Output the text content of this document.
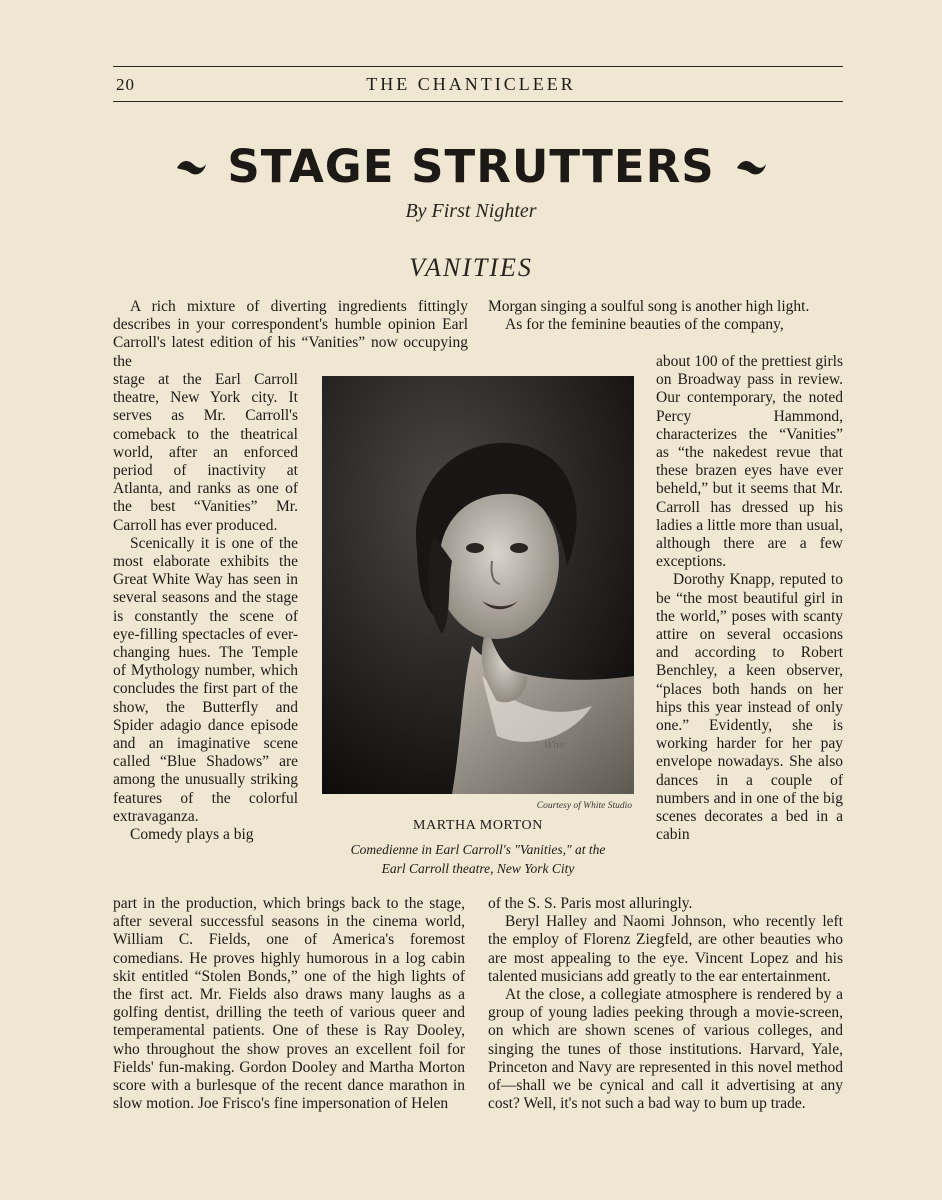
20	THE CHANTICLEER
STAGE STRUTTERS
By First Nighter
VANITIES

A rich mixture of diverting ingredients fittingly describes in your correspondent's humble opinion Earl Carroll's latest edition of his “Vanities” now occupying the

stage at the Earl Carroll theatre, New York city. It serves as Mr. Carroll's comeback to the theatrical world, after an enforced period of inactivity at Atlanta, and ranks as one of the best “Vanities” Mr. Carroll has ever produced.

Scenically it is one of the most elaborate exhibits the Great White Way has seen in several seasons and the stage is constantly the scene of eye-filling spectacles of ever-changing hues. The Temple of Mythology number, which concludes the first part of the show, the Butterfly and Spider adagio dance episode and an imaginative scene called “Blue Shadows” are among the unusually striking features of the colorful extravaganza.

Comedy plays a big

part in the production, which brings back to the stage, after several successful seasons in the cinema world, William C. Fields, one of America's foremost comedians. He proves highly humorous in a log cabin skit entitled “Stolen Bonds,” one of the high lights of the first act. Mr. Fields also draws many laughs as a golfing dentist, drilling the teeth of various queer and temperamental patients. One of these is Ray Dooley, who throughout the show proves an excellent foil for Fields' fun-making. Gordon Dooley and Martha Morton score with a burlesque of the recent dance marathon in slow motion. Joe Frisco's fine impersonation of Helen

Morgan singing a soulful song is another high light.

As for the feminine beauties of the company,

about 100 of the prettiest girls on Broadway pass in review. Our contemporary, the noted Percy Hammond, characterizes the “Vanities” as “the nakedest revue that these brazen eyes have ever beheld,” but it seems that Mr. Carroll has dressed up his ladies a little more than usual, although there are a few exceptions.

Dorothy Knapp, reputed to be “the most beautiful girl in the world,” poses with scanty attire on several occasions and according to Robert Benchley, a keen observer, “places both hands on her hips this year instead of only one.” Evidently, she is working harder for her pay envelope nowadays. She also dances in a couple of numbers and in one of the big scenes decorates a bed in a cabin

of the S. S. Paris most alluringly.

Beryl Halley and Naomi Johnson, who recently left the employ of Florenz Ziegfeld, are other beauties who are most appealing to the eye. Vincent Lopez and his talented musicians add greatly to the ear entertainment.

At the close, a collegiate atmosphere is rendered by a group of young ladies peeking through a movie-screen, on which are shown scenes of various colleges, and singing the tunes of those institutions. Harvard, Yale, Princeton and Navy are represented in this novel method of—shall we be cynical and call it advertising at any cost? Well, it's not such a bad way to bum up trade.

Whe
Courtesy of White Studio
MARTHA MORTON
Comedienne in Earl Carroll's "Vanities," at the
Earl Carroll theatre, New York City
